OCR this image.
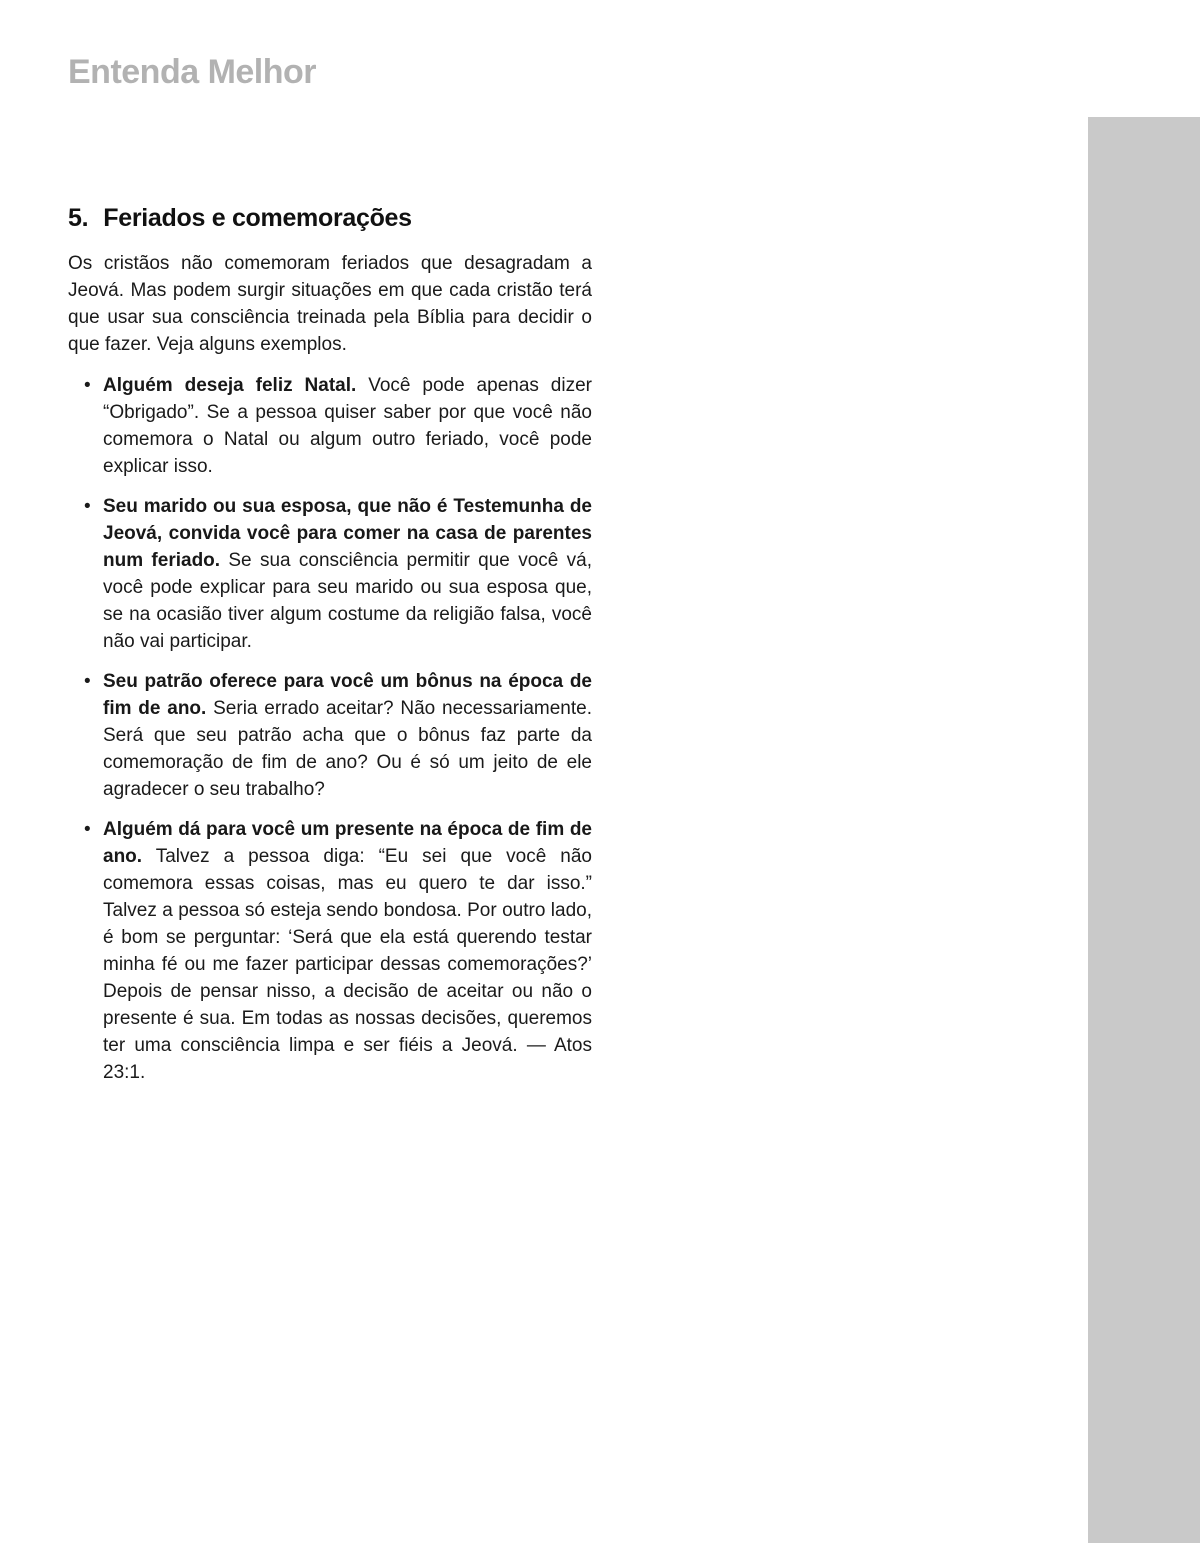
Entenda Melhor
5. Feriados e comemorações

Os cristãos não comemoram feriados que desagradam a Jeová. Mas podem surgir situações em que cada cristão terá que usar sua consciência treinada pela Bíblia para decidir o que fazer. Veja alguns exemplos.

• Alguém deseja feliz Natal. Você pode apenas dizer “Obrigado”. Se a pessoa quiser saber por que você não comemora o Natal ou algum outro feriado, você pode explicar isso.
• Seu marido ou sua esposa, que não é Testemunha de Jeová, convida você para comer na casa de parentes num feriado. Se sua consciência permitir que você vá, você pode explicar para seu marido ou sua esposa que, se na ocasião tiver algum costume da religião falsa, você não vai participar.
• Seu patrão oferece para você um bônus na época de fim de ano. Seria errado aceitar? Não necessariamente. Será que seu patrão acha que o bônus faz parte da comemoração de fim de ano? Ou é só um jeito de ele agradecer o seu trabalho?
• Alguém dá para você um presente na época de fim de ano. Talvez a pessoa diga: “Eu sei que você não comemora essas coisas, mas eu quero te dar isso.” Talvez a pessoa só esteja sendo bondosa. Por outro lado, é bom se perguntar: ‘Será que ela está querendo testar minha fé ou me fazer participar dessas comemorações?’ Depois de pensar nisso, a decisão de aceitar ou não o presente é sua. Em todas as nossas decisões, queremos ter uma consciência limpa e ser fiéis a Jeová. — Atos 23:1.
